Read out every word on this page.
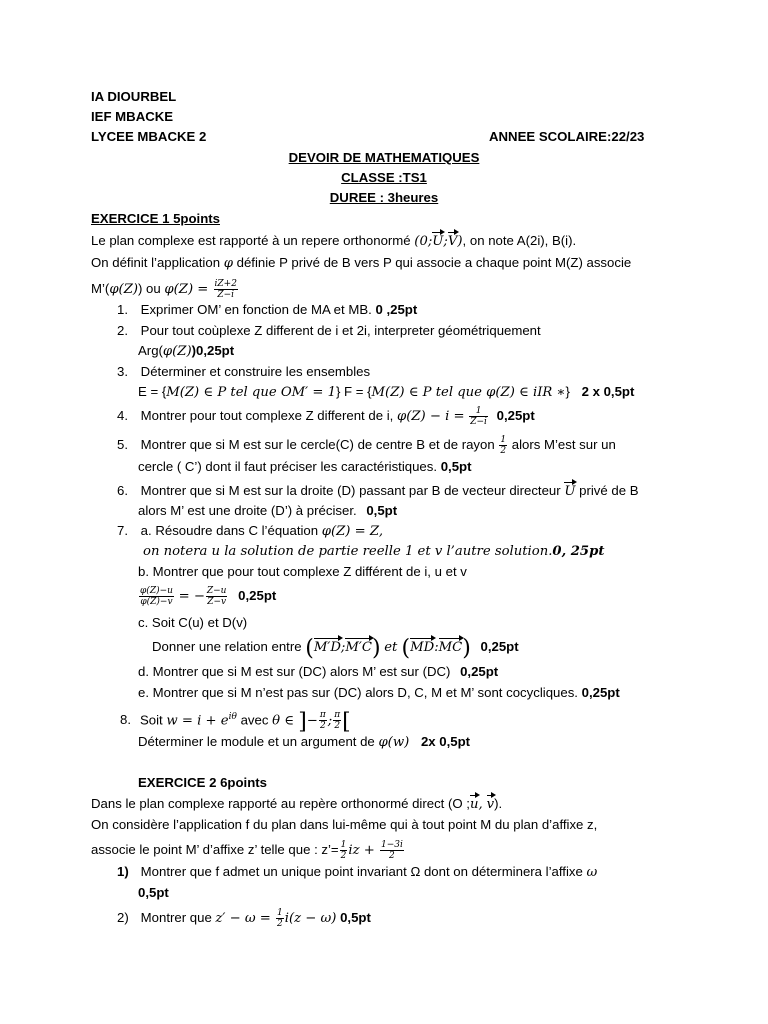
IA DIOURBEL
IEF MBACKE
LYCEE MBACKE 2	ANNEE SCOLAIRE:22/23
DEVOIR DE MATHEMATIQUES
CLASSE :TS1
DUREE : 3heures
EXERCICE 1 5points
Le plan complexe est rapporté à un repere orthonormé (0;U;V), on note A(2i), B(i).
On définit l’application φ définie P privé de B vers P qui associe a chaque point M(Z) associe
M’(φ(Z)) ou $\varphi(Z) = \frac{iZ+2}{Z-i}$
1. Exprimer OM’ en fonction de MA et MB. 0 ,25pt
2. Pour tout coùplexe Z different de i et 2i, interpreter géométriquement
Arg(φ(Z))0,25pt
3. Déterminer et construire les ensembles
E = {M(Z) ∈ P tel que OM′ = 1} F = {M(Z) ∈ P tel que φ(Z) ∈ iIR ∗} 2 x 0,5pt
4. Montrer pour tout complexe Z different de i, $\varphi(Z) - i = \frac{1}{Z-i} 0,25pt$
5. Montrer que si M est sur le cercle(C) de centre B et de rayon $\frac{1}{2}$ alors M’est sur un
cercle ( C’) dont il faut préciser les caractéristiques. 0,5pt
6. Montrer que si M est sur la droite (D) passant par B de vecteur directeur U privé de B
alors M’ est une droite (D’) à préciser. 0,5pt
7. a. Résoudre dans C l’équation φ(Z) = Z,
on notera u la solution de partie reelle 1 et v l’autre solution.0, 25pt
b. Montrer que pour tout complexe Z différent de i, u et v
$\frac{\varphi(Z)-u}{\varphi(Z)-v}$ = − $\frac{Z-u}{Z-v} 0,25pt$
c. Soit C(u) et D(v)
Donner une relation entre (M′D;M′C) et (MD:MC) 0,25pt
d. Montrer que si M est sur (DC) alors M’ est sur (DC) 0,25pt
e. Montrer que si M n’est pas sur (DC) alors D, C, M et M’ sont cocycliques. 0,25pt
8. Soit $w = i + e^{i\theta}$ avec θ ∈ ]− $\frac{\pi}{2}$ ; $\frac{\pi}{2}$ [
Déterminer le module et un argument de φ(w) 2x 0,5pt
EXERCICE 2 6points
Dans le plan complexe rapporté au repère orthonormé direct (O ;u, v).
On considère l’application f du plan dans lui-même qui à tout point M du plan d’affixe z,
associe le point M’ d’affixe z’ telle que : z’= $\frac{1}{2}$ iz + $\frac{1-3i}{2}$
1) Montrer que f admet un unique point invariant Ω dont on déterminera l’affixe ω
0,5pt
2) Montrer que $z' - \omega = \frac{1}{2} i(z - \omega)$ 0,5pt
